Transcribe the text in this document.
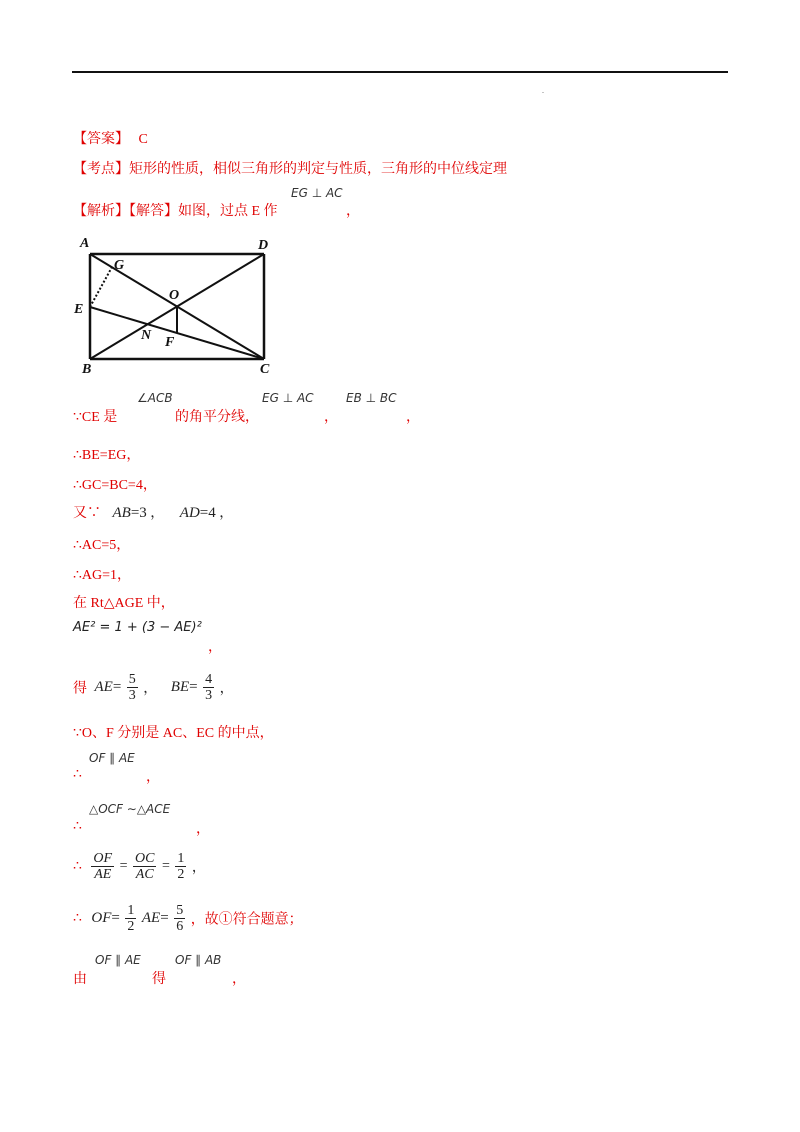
.
【答案】 C
【考点】矩形的性质，相似三角形的判定与性质，三角形的中位线定理
【解析】【解答】如图，过点 E 作
EG ⊥ AC
，
A	D
G
O
E
N F
B	C
∵CE 是
∠ACB
的角平分线，
EG ⊥ AC
，
EB ⊥ BC
，
∴BE=EG，
∴GC=BC=4，
又∵ AB=3 ， AD=4 ，
∴AC=5，
∴AG=1，
在 Rt△AGE 中，
AE² = 1 + (3 − AE)²
，
得 $AE= \frac{5}{3}$ ， $BE= \frac{4}{3}$ ，
∵O、F 分别是 AC、EC 的中点，
OF ∥ AE
∴	，
△OCF ∼△ACE
∴	，
∴ $\frac{OF}{AE} = \frac{OC}{AC} = \frac{1}{2}$ ，
∴ $OF= \frac{1}{2} AE= \frac{5}{6}$ ，故①符合题意；
OF ∥ AE	OF ∥ AB
由	得	，
